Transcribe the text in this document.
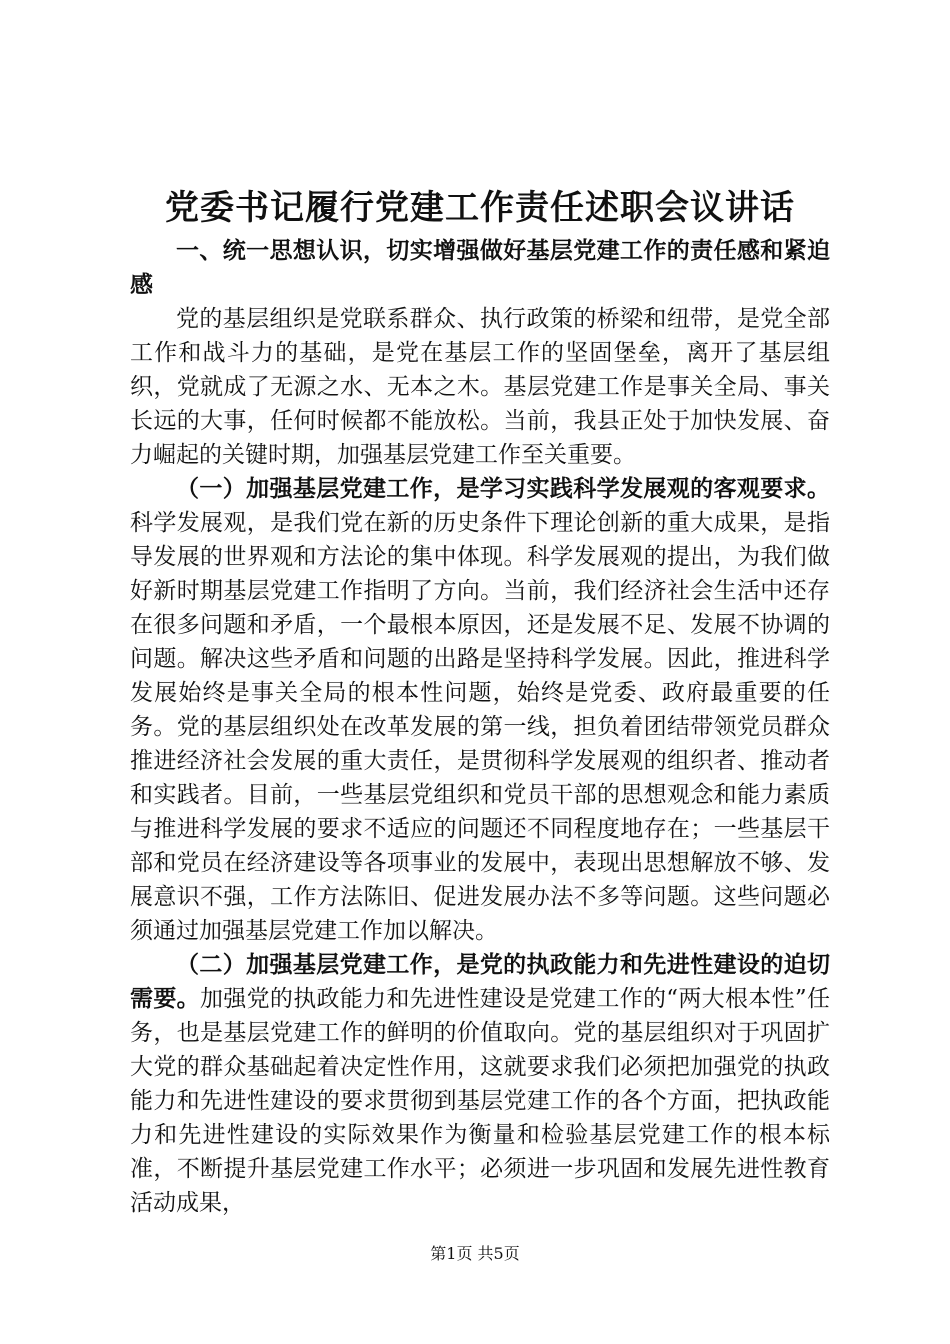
党委书记履行党建工作责任述职会议讲话

一、统一思想认识，切实增强做好基层党建工作的责任感和紧迫感

党的基层组织是党联系群众、执行政策的桥梁和纽带，是党全部工作和战斗力的基础，是党在基层工作的坚固堡垒，离开了基层组织，党就成了无源之水、无本之木。基层党建工作是事关全局、事关长远的大事，任何时候都不能放松。当前，我县正处于加快发展、奋力崛起的关键时期，加强基层党建工作至关重要。

（一）加强基层党建工作，是学习实践科学发展观的客观要求。科学发展观，是我们党在新的历史条件下理论创新的重大成果，是指导发展的世界观和方法论的集中体现。科学发展观的提出，为我们做好新时期基层党建工作指明了方向。当前，我们经济社会生活中还存在很多问题和矛盾，一个最根本原因，还是发展不足、发展不协调的问题。解决这些矛盾和问题的出路是坚持科学发展。因此，推进科学发展始终是事关全局的根本性问题，始终是党委、政府最重要的任务。党的基层组织处在改革发展的第一线，担负着团结带领党员群众推进经济社会发展的重大责任，是贯彻科学发展观的组织者、推动者和实践者。目前，一些基层党组织和党员干部的思想观念和能力素质与推进科学发展的要求不适应的问题还不同程度地存在；一些基层干部和党员在经济建设等各项事业的发展中，表现出思想解放不够、发展意识不强，工作方法陈旧、促进发展办法不多等问题。这些问题必须通过加强基层党建工作加以解决。

（二）加强基层党建工作，是党的执政能力和先进性建设的迫切需要。加强党的执政能力和先进性建设是党建工作的“两大根本性”任务，也是基层党建工作的鲜明的价值取向。党的基层组织对于巩固扩大党的群众基础起着决定性作用，这就要求我们必须把加强党的执政能力和先进性建设的要求贯彻到基层党建工作的各个方面，把执政能力和先进性建设的实际效果作为衡量和检验基层党建工作的根本标准，不断提升基层党建工作水平；必须进一步巩固和发展先进性教育活动成果，

第1页 共5页
